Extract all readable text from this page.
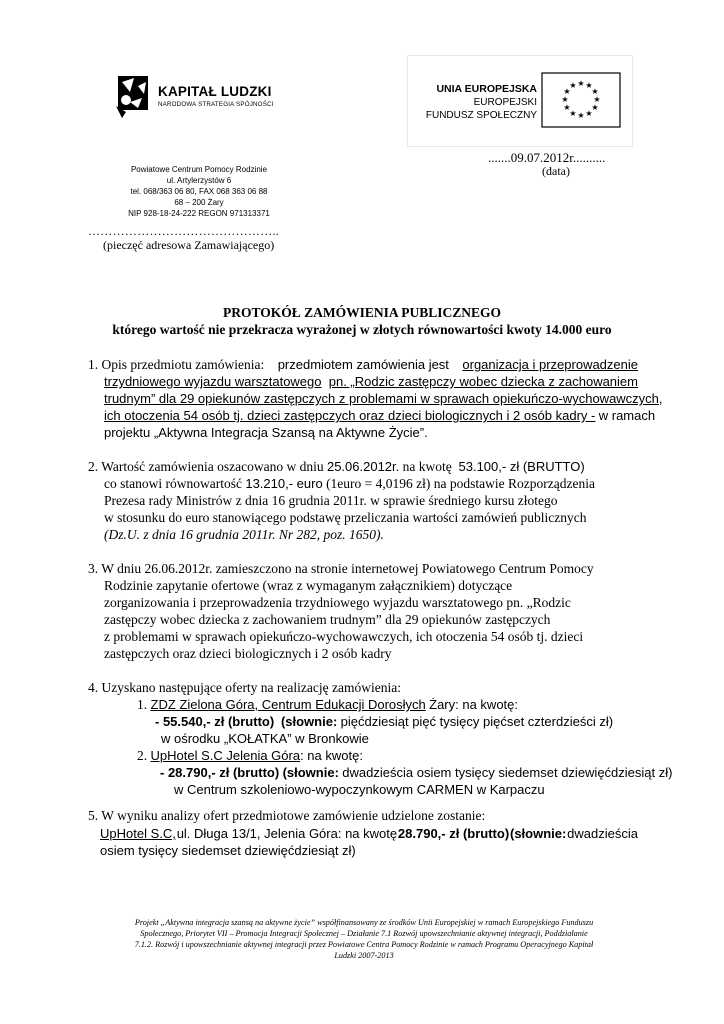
KAPITAŁ LUDZKI
NARODOWA STRATEGIA SPÓJNOŚCI
UNIA EUROPEJSKA
EUROPEJSKI
FUNDUSZ SPOŁECZNY
★ ★
★
★
★
★
★
★
★
★
★
★
.......09.07.2012r..........
(data)
Powiatowe Centrum Pomocy Rodzinie
ul. Artylerzystów 6
tel. 068/363 06 80, FAX 068 363 06 88
68 – 200 Żary
NIP 928-18-24-222 REGON 971313371
………………………………………..
(pieczęć adresowa Zamawiającego)
PROTOKÓŁ ZAMÓWIENIA PUBLICZNEGO
którego wartość nie przekracza wyrażonej w złotych równowartości kwoty 14.000 euro
1. Opis przedmiotu zamówienia: przedmiotem zamówienia jest organizacja i przeprowadzenie
trzydniowego wyjazdu warsztatowego pn. „Rodzic zastępczy wobec dziecka z zachowaniem
trudnym” dla 29 opiekunów zastępczych z problemami w sprawach opiekuńczo-wychowawczych,
ich otoczenia 54 osób tj. dzieci zastępczych oraz dzieci biologicznych i 2 osób kadry - w ramach
projektu „Aktywna Integracja Szansą na Aktywne Życie”.
2. Wartość zamówienia oszacowano w dniu 25.06.2012r. na kwotę 53.100,- zł (BRUTTO)
co stanowi równowartość 13.210,- euro (1euro = 4,0196 zł) na podstawie Rozporządzenia
Prezesa rady Ministrów z dnia 16 grudnia 2011r. w sprawie średniego kursu złotego
w stosunku do euro stanowiącego podstawę przeliczania wartości zamówień publicznych
(Dz.U. z dnia 16 grudnia 2011r. Nr 282, poz. 1650).
3. W dniu 26.06.2012r. zamieszczono na stronie internetowej Powiatowego Centrum Pomocy
Rodzinie zapytanie ofertowe (wraz z wymaganym załącznikiem) dotyczące
zorganizowania i przeprowadzenia trzydniowego wyjazdu warsztatowego pn. „Rodzic
zastępczy wobec dziecka z zachowaniem trudnym” dla 29 opiekunów zastępczych
z problemami w sprawach opiekuńczo-wychowawczych, ich otoczenia 54 osób tj. dzieci
zastępczych oraz dzieci biologicznych i 2 osób kadry
4. Uzyskano następujące oferty na realizację zamówienia:
1. ZDZ Zielona Góra, Centrum Edukacji Dorosłych Żary: na kwotę:
- 55.540,- zł (brutto) (słownie: pięćdziesiąt pięć tysięcy pięćset czterdzieści zł)
w ośrodku „KOŁATKA” w Bronkowie
2. UpHotel S.C Jelenia Góra: na kwotę:
- 28.790,- zł (brutto) (słownie: dwadzieścia osiem tysięcy siedemset dziewięćdziesiąt zł)
w Centrum szkoleniowo-wypoczynkowym CARMEN w Karpaczu
5. W wyniku analizy ofert przedmiotowe zamówienie udzielone zostanie:
UpHotel S.C, ul. Długa 13/1, Jelenia Góra: na kwotę 28.790,- zł (brutto) (słownie: dwadzieścia
osiem tysięcy siedemset dziewięćdziesiąt zł)
Projekt „Aktywna integracja szansą na aktywne życie” współfinansowany ze środków Unii Europejskiej w ramach Europejskiego Funduszu
Społecznego, Priorytet VII – Promocja Integracji Społecznej – Działanie 7.1 Rozwój upowszechnianie aktywnej integracji, Poddziałanie
7.1.2. Rozwój i upowszechnianie aktywnej integracji przez Powiatowe Centra Pomocy Rodzinie w ramach Programu Operacyjnego Kapitał
Ludzki 2007-2013
